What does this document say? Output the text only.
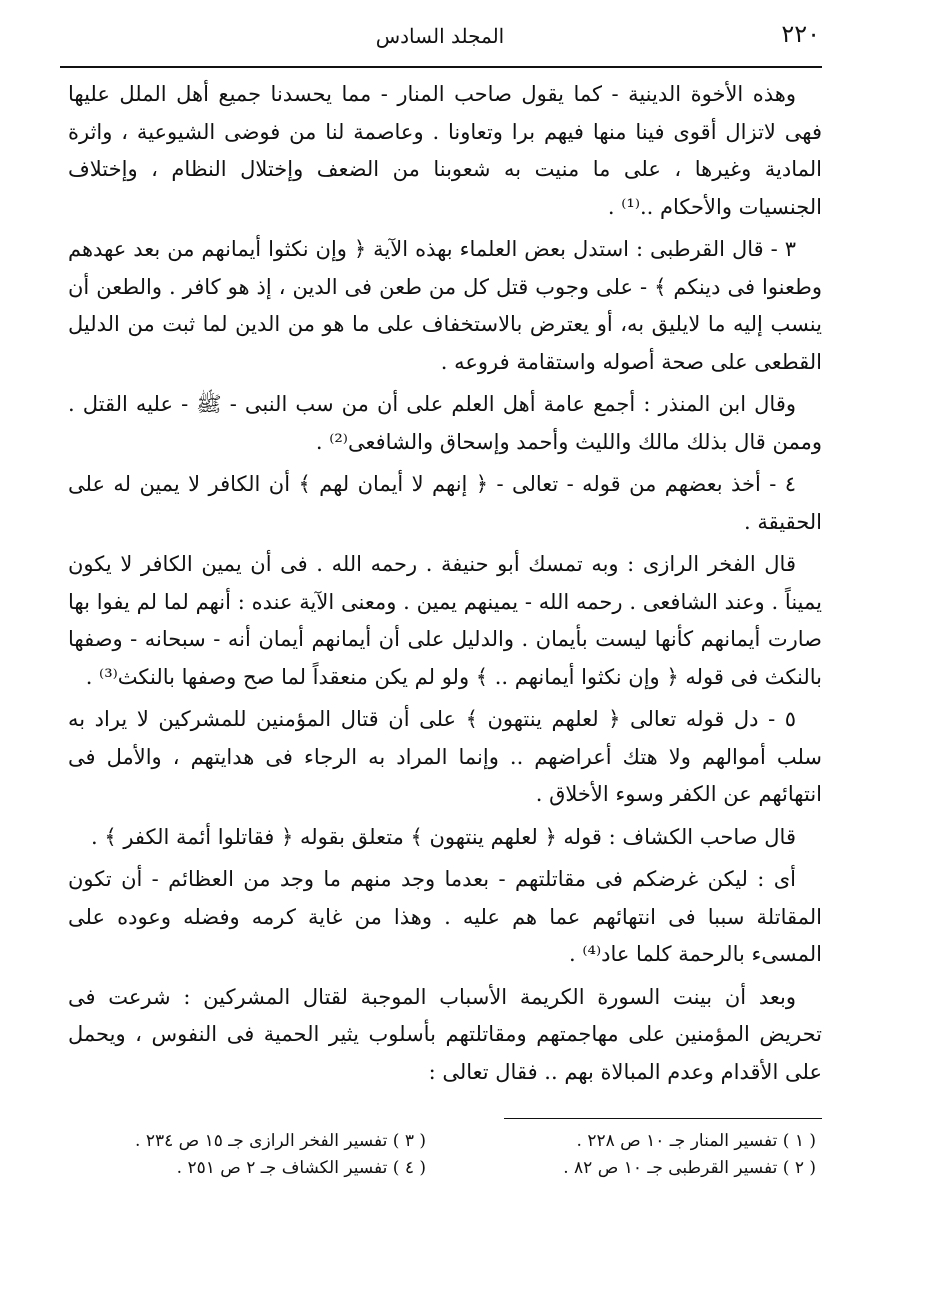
٢٢٠
المجلد السادس

وهذه الأخوة الدينية - كما يقول صاحب المنار - مما يحسدنا جميع أهل الملل عليها فهى لاتزال أقوى فينا منها فيهم برا وتعاونا . وعاصمة لنا من فوضى الشيوعية ، واثرة المادية وغيرها ، على ما منيت به شعوبنا من الضعف وإختلال النظام ، وإختلاف الجنسيات والأحكام ..⁽¹⁾ .

٣ - قال القرطبى : استدل بعض العلماء بهذه الآية ﴿ وإن نكثوا أيمانهم من بعد عهدهم وطعنوا فى دينكم ﴾ - على وجوب قتل كل من طعن فى الدين ، إذ هو كافر . والطعن أن ينسب إليه ما لايليق به، أو يعترض بالاستخفاف على ما هو من الدين لما ثبت من الدليل القطعى على صحة أصوله واستقامة فروعه .

وقال ابن المنذر : أجمع عامة أهل العلم على أن من سب النبى - ﷺ - عليه القتل . وممن قال بذلك مالك والليث وأحمد وإسحاق والشافعى⁽²⁾ .

٤ - أخذ بعضهم من قوله - تعالى - ﴿ إنهم لا أيمان لهم ﴾ أن الكافر لا يمين له على الحقيقة .

قال الفخر الرازى : وبه تمسك أبو حنيفة . رحمه الله . فى أن يمين الكافر لا يكون يميناً . وعند الشافعى . رحمه الله - يمينهم يمين . ومعنى الآية عنده : أنهم لما لم يفوا بها صارت أيمانهم كأنها ليست بأيمان . والدليل على أن أيمانهم أيمان أنه - سبحانه - وصفها بالنكث فى قوله ﴿ وإن نكثوا أيمانهم .. ﴾ ولو لم يكن منعقداً لما صح وصفها بالنكث⁽³⁾ .

٥ - دل قوله تعالى ﴿ لعلهم ينتهون ﴾ على أن قتال المؤمنين للمشركين لا يراد به سلب أموالهم ولا هتك أعراضهم .. وإنما المراد به الرجاء فى هدايتهم ، والأمل فى انتهائهم عن الكفر وسوء الأخلاق .

قال صاحب الكشاف : قوله ﴿ لعلهم ينتهون ﴾ متعلق بقوله ﴿ فقاتلوا أئمة الكفر ﴾ .

أى : ليكن غرضكم فى مقاتلتهم - بعدما وجد منهم ما وجد من العظائم - أن تكون المقاتلة سببا فى انتهائهم عما هم عليه . وهذا من غاية كرمه وفضله وعوده على المسىء بالرحمة كلما عاد⁽⁴⁾ .

وبعد أن بينت السورة الكريمة الأسباب الموجبة لقتال المشركين : شرعت فى تحريض المؤمنين على مهاجمتهم ومقاتلتهم بأسلوب يثير الحمية فى النفوس ، ويحمل على الأقدام وعدم المبالاة بهم .. فقال تعالى :

( ١ ) تفسير المنار جـ ١٠ ص ٢٢٨ .
( ٢ ) تفسير القرطبى جـ ١٠ ص ٨٢ .
( ٣ ) تفسير الفخر الرازى جـ ١٥ ص ٢٣٤ .
( ٤ ) تفسير الكشاف جـ ٢ ص ٢٥١ .
